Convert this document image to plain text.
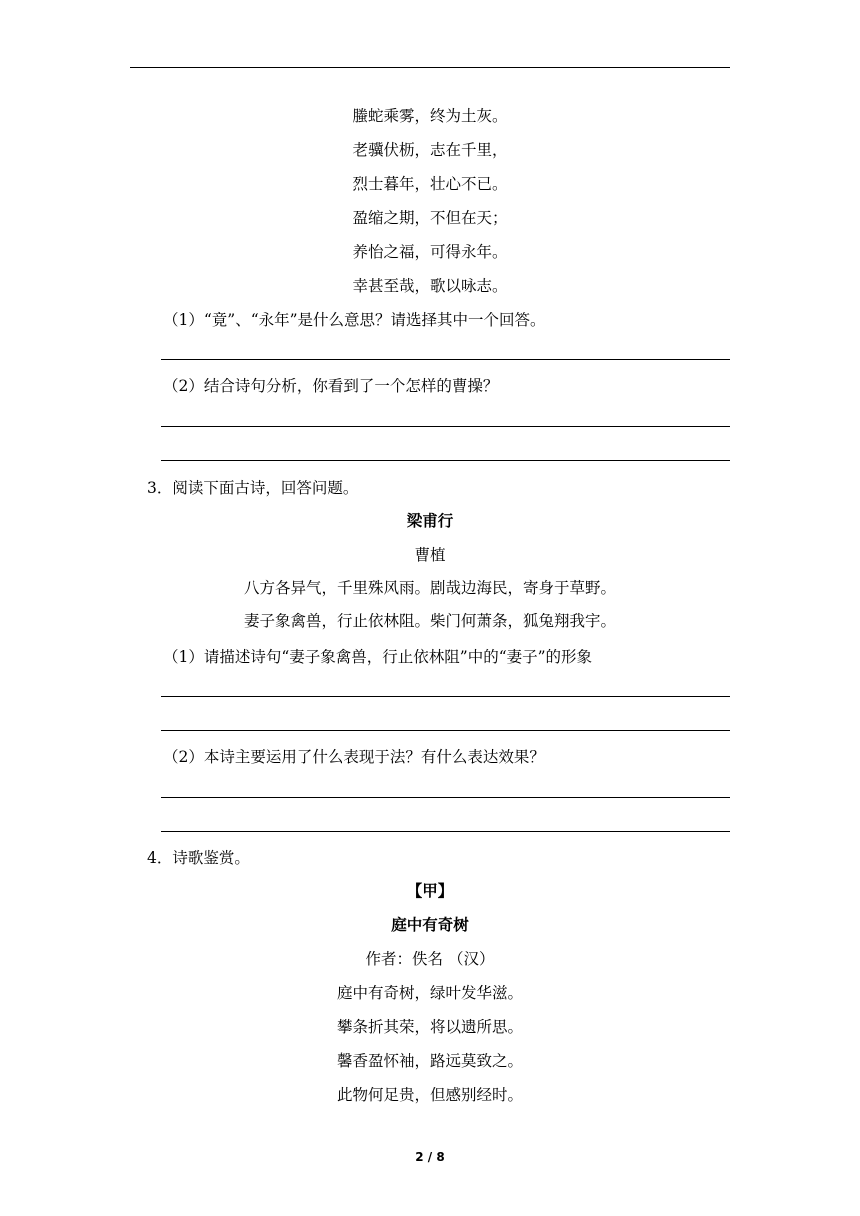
螣蛇乘雾，终为土灰。
老骥伏枥，志在千里，
烈士暮年，壮心不已。
盈缩之期，不但在天；
养怡之福，可得永年。
幸甚至哉，歌以咏志。
（1）“竟”、“永年”是什么意思？请选择其中一个回答。
（2）结合诗句分析，你看到了一个怎样的曹操？
3．阅读下面古诗，回答问题。
梁甫行
曹植
八方各异气，千里殊风雨。剧哉边海民，寄身于草野。
妻子象禽兽，行止依林阻。柴门何萧条，狐兔翔我宇。
（1）请描述诗句“妻子象禽兽，行止依林阻”中的“妻子”的形象
（2）本诗主要运用了什么表现于法？有什么表达效果？
4．诗歌鉴赏。
【甲】
庭中有奇树
作者：佚名 （汉）
庭中有奇树，绿叶发华滋。
攀条折其荣，将以遗所思。
馨香盈怀袖，路远莫致之。
此物何足贵，但感别经时。
2 / 8
